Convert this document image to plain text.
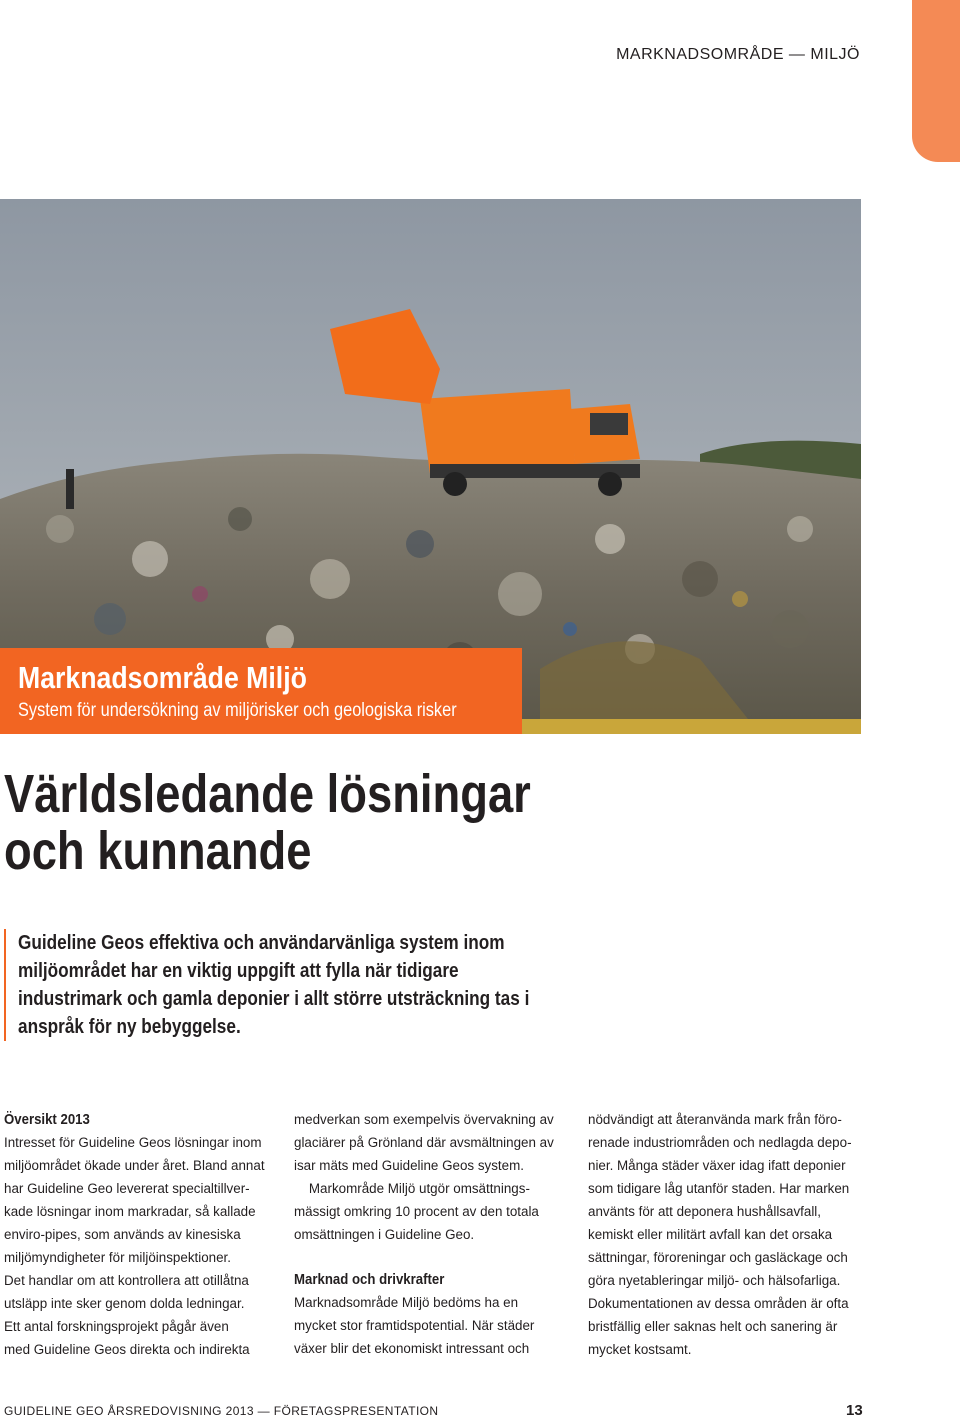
MARKNADSOMRÅDE — MILJÖ
Marknadsområde Miljö
System för undersökning av miljörisker och geologiska risker
Världsledande lösningar
och kunnande

Guideline Geos effektiva och användarvänliga system inom miljöområdet har en viktig uppgift att fylla när tidigare industrimark och gamla deponier i allt större utsträckning tas i anspråk för ny bebyggelse.

Översikt 2013
Intresset för Guideline Geos lösningar inom
miljöområdet ökade under året. Bland annat
har Guideline Geo levererat specialtillver-
kade lösningar inom markradar, så kallade
enviro-pipes, som används av kinesiska
miljömyndigheter för miljöinspektioner.
Det handlar om att kontrollera att otillåtna
utsläpp inte sker genom dolda ledningar.
Ett antal forskningsprojekt pågår även
med Guideline Geos direkta och indirekta
medverkan som exempelvis övervakning av
glaciärer på Grönland där avsmältningen av
isar mäts med Guideline Geos system.
Markområde Miljö utgör omsättnings-
mässigt omkring 10 procent av den totala
omsättningen i Guideline Geo.
Marknad och drivkrafter
Marknadsområde Miljö bedöms ha en
mycket stor framtidspotential. När städer
växer blir det ekonomiskt intressant och
nödvändigt att återanvända mark från föro-
renade industriområden och nedlagda depo-
nier. Många städer växer idag ifatt deponier
som tidigare låg utanför staden. Har marken
använts för att deponera hushållsavfall,
kemiskt eller militärt avfall kan det orsaka
sättningar, föroreningar och gasläckage och
göra nyetableringar miljö- och hälsofarliga.
Dokumentationen av dessa områden är ofta
bristfällig eller saknas helt och sanering är
mycket kostsamt.
GUIDELINE GEO ÅRSREDOVISNING 2013 — FÖRETAGSPRESENTATION	13
